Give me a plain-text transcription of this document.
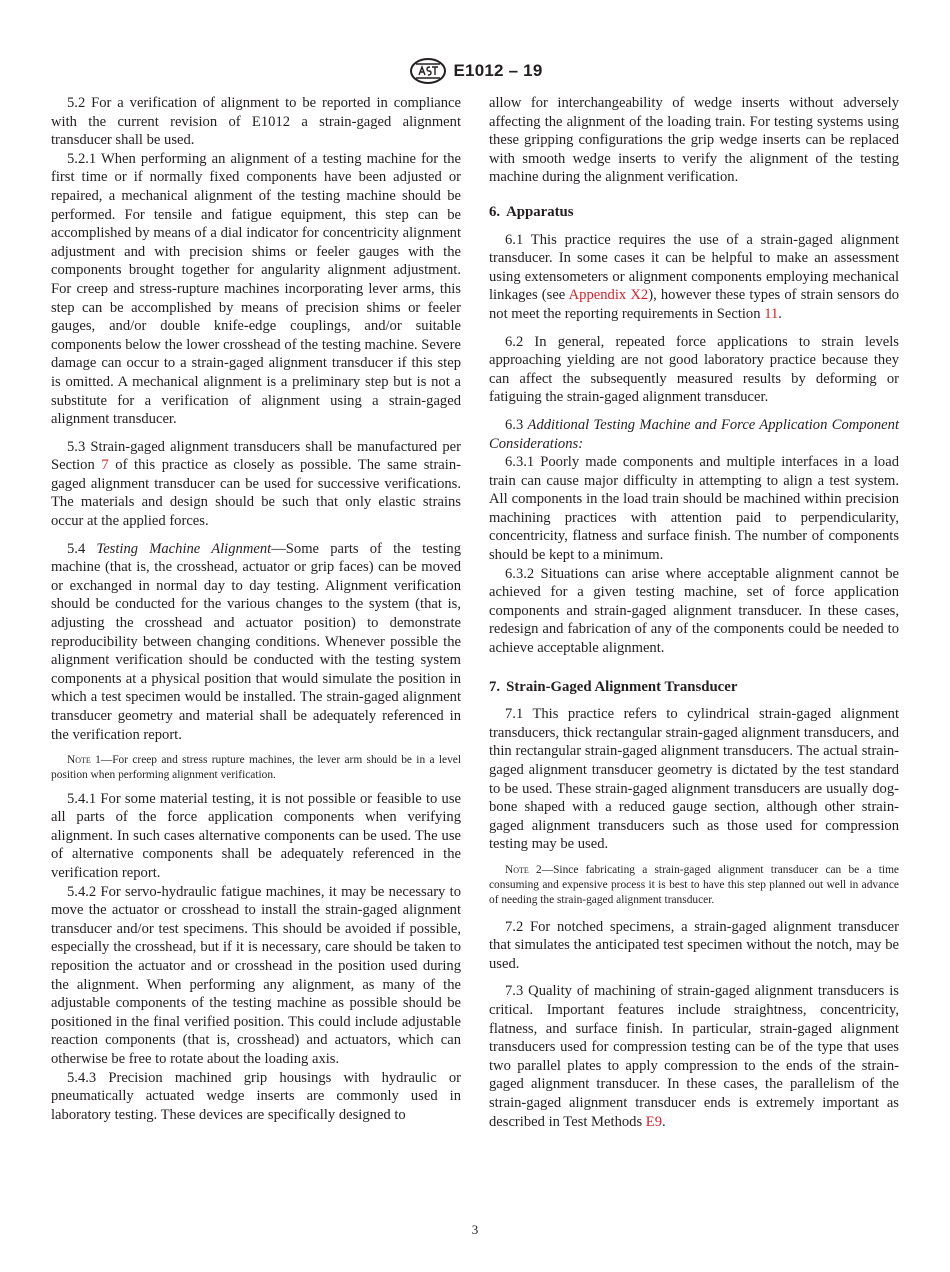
E1012 – 19

5.2 For a verification of alignment to be reported in compliance with the current revision of E1012 a strain-gaged alignment transducer shall be used.

5.2.1 When performing an alignment of a testing machine for the first time or if normally fixed components have been adjusted or repaired, a mechanical alignment of the testing machine should be performed. For tensile and fatigue equipment, this step can be accomplished by means of a dial indicator for concentricity alignment adjustment and with precision shims or feeler gauges with the components brought together for angularity alignment adjustment. For creep and stress-rupture machines incorporating lever arms, this step can be accomplished by means of precision shims or feeler gauges, and/or double knife-edge couplings, and/or suitable components below the lower crosshead of the testing machine. Severe damage can occur to a strain-gaged alignment transducer if this step is omitted. A mechanical alignment is a preliminary step but is not a substitute for a verification of alignment using a strain-gaged alignment transducer.

5.3 Strain-gaged alignment transducers shall be manufactured per Section 7 of this practice as closely as possible. The same strain-gaged alignment transducer can be used for successive verifications. The materials and design should be such that only elastic strains occur at the applied forces.

5.4 Testing Machine Alignment—Some parts of the testing machine (that is, the crosshead, actuator or grip faces) can be moved or exchanged in normal day to day testing. Alignment verification should be conducted for the various changes to the system (that is, adjusting the crosshead and actuator position) to demonstrate reproducibility between changing conditions. Whenever possible the alignment verification should be conducted with the testing system components at a physical position that would simulate the position in which a test specimen would be installed. The strain-gaged alignment transducer geometry and material shall be adequately referenced in the verification report.

Note 1—For creep and stress rupture machines, the lever arm should be in a level position when performing alignment verification.

5.4.1 For some material testing, it is not possible or feasible to use all parts of the force application components when verifying alignment. In such cases alternative components can be used. The use of alternative components shall be adequately referenced in the verification report.

5.4.2 For servo-hydraulic fatigue machines, it may be necessary to move the actuator or crosshead to install the strain-gaged alignment transducer and/or test specimens. This should be avoided if possible, especially the crosshead, but if it is necessary, care should be taken to reposition the actuator and or crosshead in the position used during the alignment. When performing any alignment, as many of the adjustable components of the testing machine as possible should be positioned in the final verified position. This could include adjustable reaction components (that is, crosshead) and actuators, which can otherwise be free to rotate about the loading axis.

5.4.3 Precision machined grip housings with hydraulic or pneumatically actuated wedge inserts are commonly used in laboratory testing. These devices are specifically designed to

allow for interchangeability of wedge inserts without adversely affecting the alignment of the loading train. For testing systems using these gripping configurations the grip wedge inserts can be replaced with smooth wedge inserts to verify the alignment of the testing machine during the alignment verification.

6. Apparatus

6.1 This practice requires the use of a strain-gaged alignment transducer. In some cases it can be helpful to make an assessment using extensometers or alignment components employing mechanical linkages (see Appendix X2), however these types of strain sensors do not meet the reporting requirements in Section 11.

6.2 In general, repeated force applications to strain levels approaching yielding are not good laboratory practice because they can affect the subsequently measured results by deforming or fatiguing the strain-gaged alignment transducer.

6.3 Additional Testing Machine and Force Application Component Considerations:

6.3.1 Poorly made components and multiple interfaces in a load train can cause major difficulty in attempting to align a test system. All components in the load train should be machined within precision machining practices with attention paid to perpendicularity, concentricity, flatness and surface finish. The number of components should be kept to a minimum.

6.3.2 Situations can arise where acceptable alignment cannot be achieved for a given testing machine, set of force application components and strain-gaged alignment transducer. In these cases, redesign and fabrication of any of the components could be needed to achieve acceptable alignment.

7. Strain-Gaged Alignment Transducer

7.1 This practice refers to cylindrical strain-gaged alignment transducers, thick rectangular strain-gaged alignment transducers, and thin rectangular strain-gaged alignment transducers. The actual strain-gaged alignment transducer geometry is dictated by the test standard to be used. These strain-gaged alignment transducers are usually dog-bone shaped with a reduced gauge section, although other strain-gaged alignment transducers such as those used for compression testing may be used.

Note 2—Since fabricating a strain-gaged alignment transducer can be a time consuming and expensive process it is best to have this step planned out well in advance of needing the strain-gaged alignment transducer.

7.2 For notched specimens, a strain-gaged alignment transducer that simulates the anticipated test specimen without the notch, may be used.

7.3 Quality of machining of strain-gaged alignment transducers is critical. Important features include straightness, concentricity, flatness, and surface finish. In particular, strain-gaged alignment transducers used for compression testing can be of the type that uses two parallel plates to apply compression to the ends of the strain-gaged alignment transducer. In these cases, the parallelism of the strain-gaged alignment transducer ends is extremely important as described in Test Methods E9.

3
